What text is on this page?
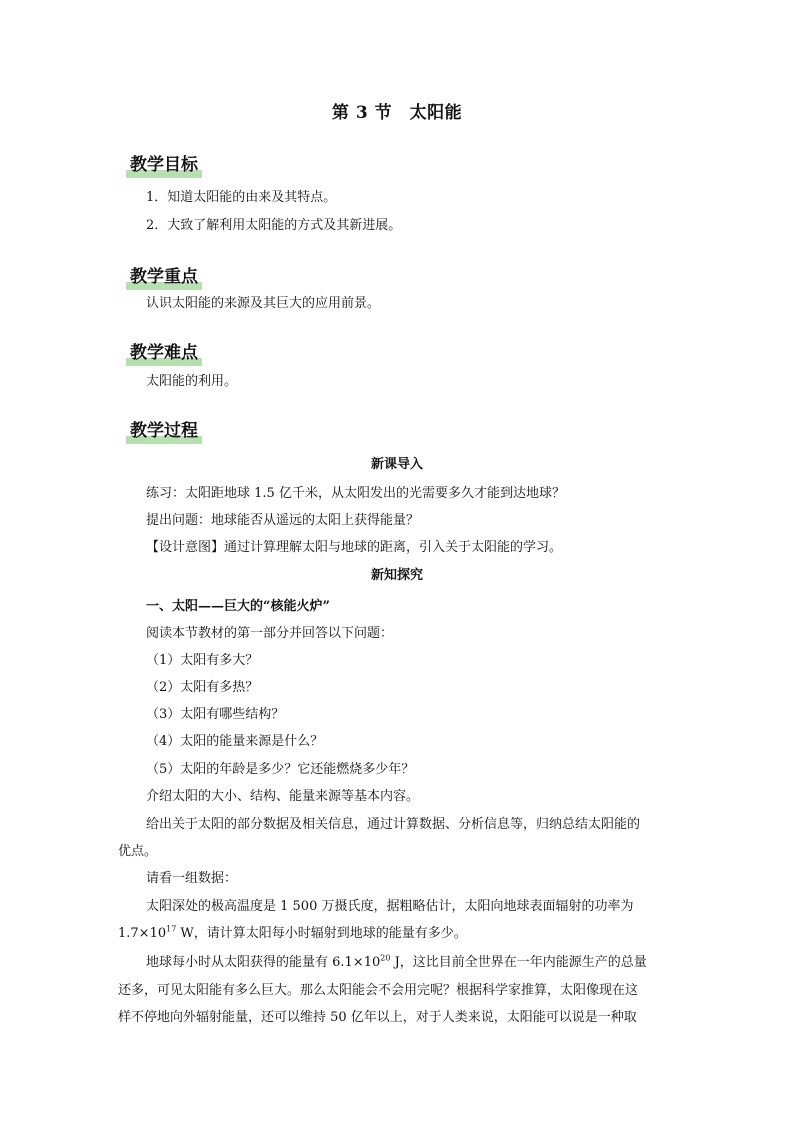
第 3 节　太阳能
教学目标
1．知道太阳能的由来及其特点。
2．大致了解利用太阳能的方式及其新进展。
教学重点
认识太阳能的来源及其巨大的应用前景。
教学难点
太阳能的利用。
教学过程
新课导入
练习：太阳距地球 1.5 亿千米，从太阳发出的光需要多久才能到达地球？
提出问题：地球能否从遥远的太阳上获得能量？
【设计意图】通过计算理解太阳与地球的距离，引入关于太阳能的学习。
新知探究
一、太阳——巨大的“核能火炉”
阅读本节教材的第一部分并回答以下问题：
（1）太阳有多大？
（2）太阳有多热？
（3）太阳有哪些结构？
（4）太阳的能量来源是什么？
（5）太阳的年龄是多少？它还能燃烧多少年？
介绍太阳的大小、结构、能量来源等基本内容。
给出关于太阳的部分数据及相关信息，通过计算数据、分析信息等，归纳总结太阳能的
优点。
请看一组数据：
太阳深处的极高温度是 1 500 万摄氏度，据粗略估计，太阳向地球表面辐射的功率为
$1.7\times 10^{17}$ W，请计算太阳每小时辐射到地球的能量有多少。
地球每小时从太阳获得的能量有 $6.1\times 10^{20}$ J，这比目前全世界在一年内能源生产的总量
还多，可见太阳能有多么巨大。那么太阳能会不会用完呢？根据科学家推算，太阳像现在这
样不停地向外辐射能量，还可以维持 50 亿年以上，对于人类来说，太阳能可以说是一种取
